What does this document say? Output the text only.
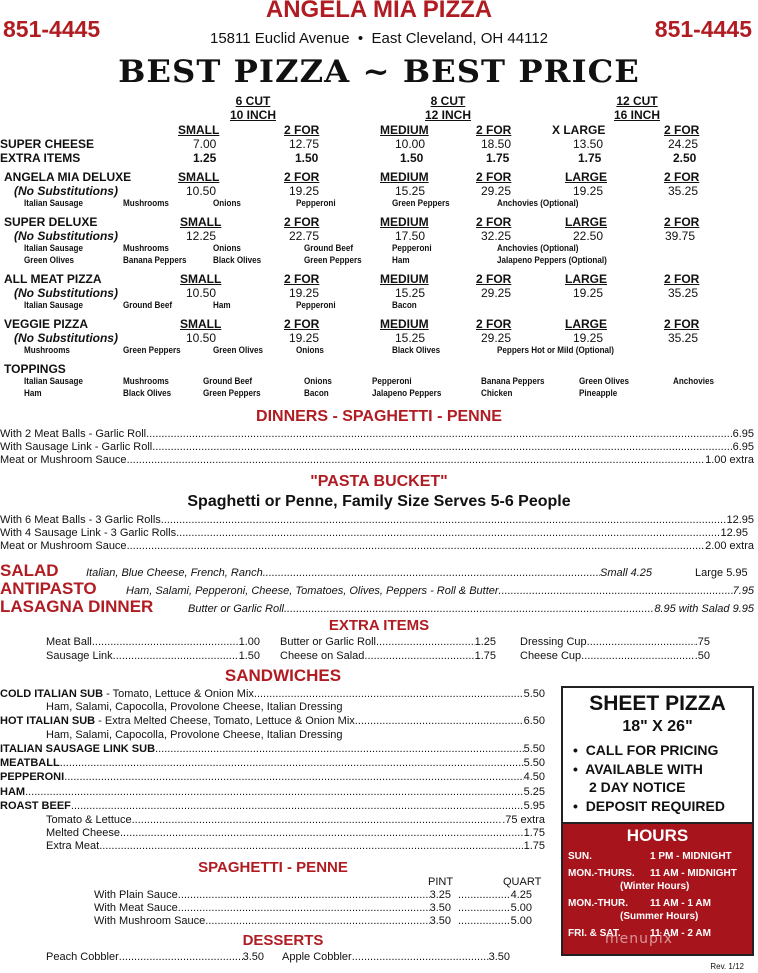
851-4445	851-4445
ANGELA MIA PIZZA
15811 Euclid Avenue • East Cleveland, OH 44112
BEST PIZZA ~ BEST PRICE
6 CUT
10 INCH
8 CUT
12 INCH
12 CUT
16 INCH
SMALL	2 FOR	MEDIUM	2 FOR	X LARGE	2 FOR
SUPER CHEESE	7.00	12.75	10.00	18.50	13.50	24.25
EXTRA ITEMS	1.25	1.50	1.50	1.75	1.75	2.50
ANGELA MIA DELUXE	SMALL	2 FOR	MEDIUM	2 FOR	LARGE	2 FOR
(No Substitutions)	10.50	19.25	15.25	29.25	19.25	35.25
Italian Sausage	Mushrooms	Onions	Pepperoni	Green Peppers	Anchovies (Optional)
SUPER DELUXE	SMALL	2 FOR	MEDIUM	2 FOR	LARGE	2 FOR
(No Substitutions)	12.25	22.75	17.50	32.25	22.50	39.75
Italian Sausage	Mushrooms	Onions	Ground Beef	Pepperoni	Anchovies (Optional)
Green Olives	Banana Peppers	Black Olives	Green Peppers	Ham	Jalapeno Peppers (Optional)
ALL MEAT PIZZA	SMALL	2 FOR	MEDIUM	2 FOR	LARGE	2 FOR
(No Substitutions)	10.50	19.25	15.25	29.25	19.25	35.25
Italian Sausage	Ground Beef	Ham	Pepperoni	Bacon
VEGGIE PIZZA	SMALL	2 FOR	MEDIUM	2 FOR	LARGE	2 FOR
(No Substitutions)	10.50	19.25	15.25	29.25	19.25	35.25
Mushrooms	Green Peppers	Green Olives	Onions	Black Olives	Peppers Hot or Mild (Optional)
TOPPINGS
Italian Sausage	Mushrooms	Ground Beef	Onions	Pepperoni	Banana Peppers	Green Olives	Anchovies
Ham	Black Olives	Green Peppers	Bacon	Jalapeno Peppers	Chicken	Pineapple
DINNERS - SPAGHETTI - PENNE
With 2 Meat Balls - Garlic Roll .....	6.95
With Sausage Link - Garlic Roll .....	6.95
Meat or Mushroom Sauce .....	1.00 extra
"PASTA BUCKET"
Spaghetti or Penne, Family Size Serves 5-6 People
With 6 Meat Balls - 3 Garlic Rolls .....	12.95
With 4 Sausage Link - 3 Garlic Rolls .....	12.95
Meat or Mushroom Sauce .....	2.00 extra
SALAD Italian, Blue Cheese, French, Ranch .....	Small 4.25	Large 5.95
ANTIPASTO	Ham, Salami, Pepperoni, Cheese, Tomatoes, Olives, Peppers - Roll & Butter .....	7.95
LASAGNA DINNER	Butter or Garlic Roll .....	8.95 with Salad 9.95
EXTRA ITEMS
Meat Ball .....	1.00
Sausage Link .....	1.50
Butter or Garlic Roll .....	1.25
Cheese on Salad .....	1.75
Dressing Cup .....	.75
Cheese Cup .....	.50
SANDWICHES
COLD ITALIAN SUB - Tomato, Lettuce & Onion Mix .....	5.50
Ham, Salami, Capocolla, Provolone Cheese, Italian Dressing
HOT ITALIAN SUB - Extra Melted Cheese, Tomato, Lettuce & Onion Mix .....	6.50
Ham, Salami, Capocolla, Provolone Cheese, Italian Dressing
ITALIAN SAUSAGE LINK SUB .....	5.50
MEATBALL .....	5.50
PEPPERONI .....	4.50
HAM .....	5.25
ROAST BEEF .....	5.95
Tomato & Lettuce .....	.75 extra
Melted Cheese .....	1.75
Extra Meat .....	1.75
SPAGHETTI - PENNE
PINT	QUART
With Plain Sauce .....	3.25 .....	4.25
With Meat Sauce .....	3.50 .....	5.00
With Mushroom Sauce .....	3.50 .....	5.00
DESSERTS
Peach Cobbler .....	3.50 Apple Cobbler .....	3.50
SHEET PIZZA
18" X 26"
•  CALL FOR PRICING
•  AVAILABLE WITH
2 DAY NOTICE
•  DEPOSIT REQUIRED
HOURS
SUN.	1 PM - MIDNIGHT
MON.-THURS.	11 AM - MIDNIGHT
(Winter Hours)
MON.-THUR.	11 AM - 1 AM
(Summer Hours)
FRI. & SAT.	11 AM - 2 AM
menupix
Rev. 1/12
